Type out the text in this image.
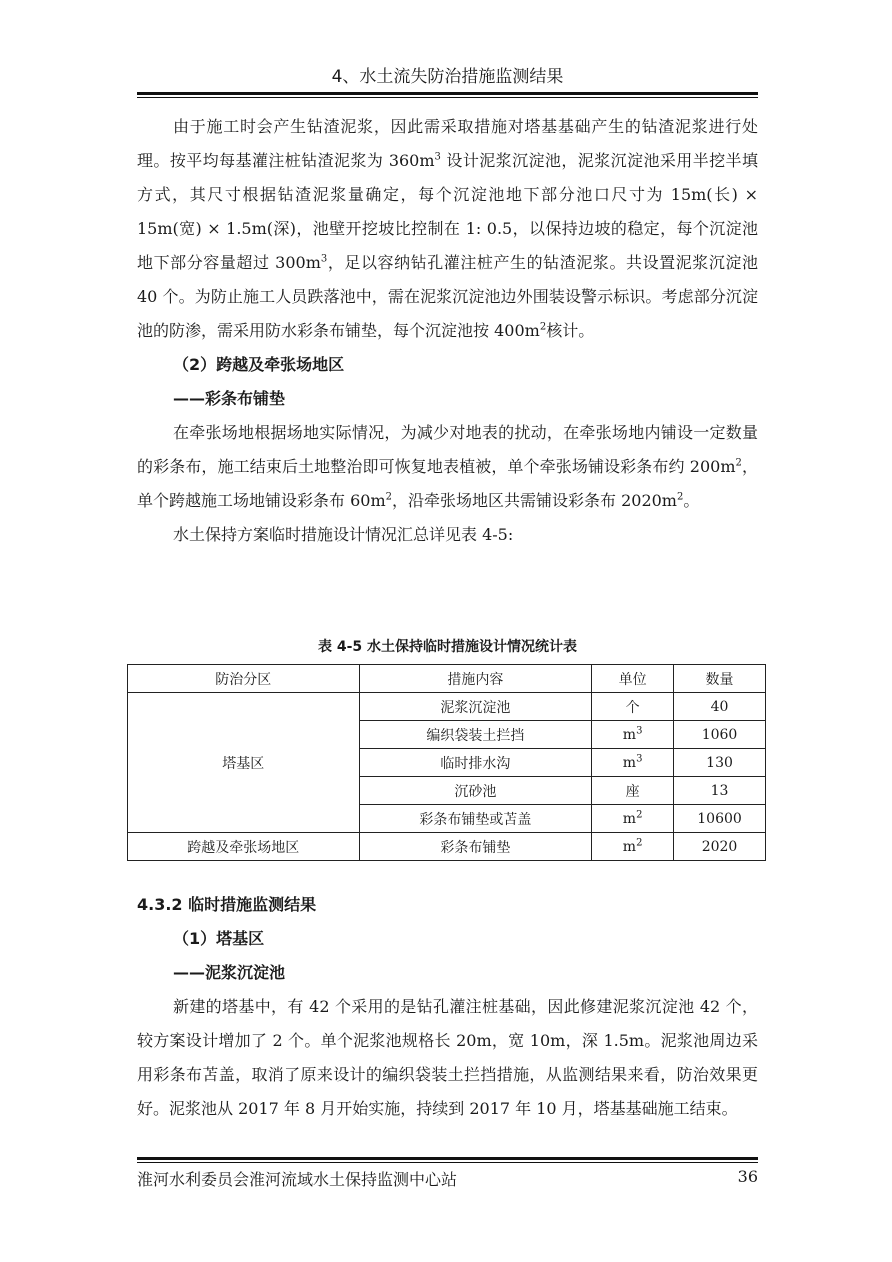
4、水土流失防治措施监测结果

由于施工时会产生钻渣泥浆，因此需采取措施对塔基基础产生的钻渣泥浆进行处理。按平均每基灌注桩钻渣泥浆为 $360m^3$ 设计泥浆沉淀池，泥浆沉淀池采用半挖半填方式，其尺寸根据钻渣泥浆量确定，每个沉淀池地下部分池口尺寸为 15m(长) × 15m(宽) × 1.5m(深)，池壁开挖坡比控制在 1: 0.5，以保持边坡的稳定，每个沉淀池地下部分容量超过 $300m^3$，足以容纳钻孔灌注桩产生的钻渣泥浆。共设置泥浆沉淀池 40 个。为防止施工人员跌落池中，需在泥浆沉淀池边外围装设警示标识。考虑部分沉淀池的防渗，需采用防水彩条布铺垫，每个沉淀池按 $400m^2$核计。

（2）跨越及牵张场地区

——彩条布铺垫

在牵张场地根据场地实际情况，为减少对地表的扰动，在牵张场地内铺设一定数量的彩条布，施工结束后土地整治即可恢复地表植被，单个牵张场铺设彩条布约 $200m^2$，单个跨越施工场地铺设彩条布 $60m^2$，沿牵张场地区共需铺设彩条布 $2020m^2$。

水土保持方案临时措施设计情况汇总详见表 4-5:

表 4-5 水土保持临时措施设计情况统计表
防治分区	措施内容	单位	数量
塔基区	泥浆沉淀池	个	40
	编织袋装土拦挡	$m^3$	1060
	临时排水沟	$m^3$	130
	沉砂池	座	13
	彩条布铺垫或苫盖	$m^2$	10600
跨越及牵张场地区	彩条布铺垫	$m^2$	2020

4.3.2 临时措施监测结果

（1）塔基区

——泥浆沉淀池

新建的塔基中，有 42 个采用的是钻孔灌注桩基础，因此修建泥浆沉淀池 42 个，较方案设计增加了 2 个。单个泥浆池规格长 20m，宽 10m，深 1.5m。泥浆池周边采用彩条布苫盖，取消了原来设计的编织袋装土拦挡措施，从监测结果来看，防治效果更好。泥浆池从 2017 年 8 月开始实施，持续到 2017 年 10 月，塔基基础施工结束。

淮河水利委员会淮河流域水土保持监测中心站	36
